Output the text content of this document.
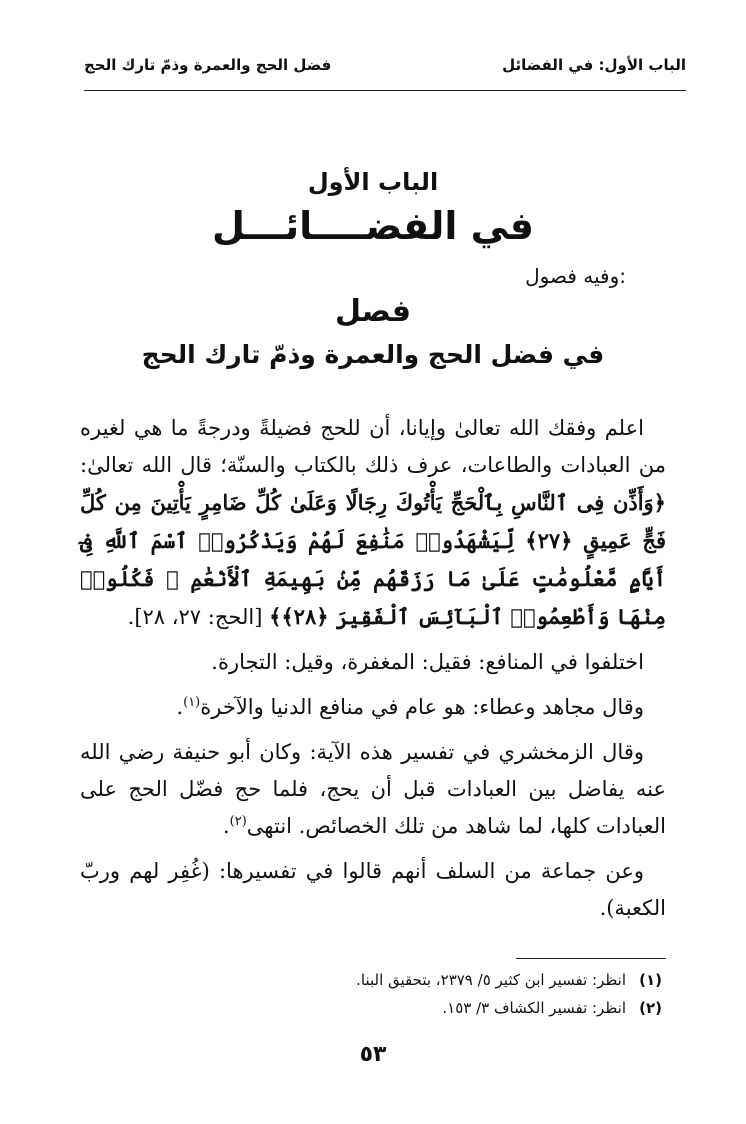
الباب الأول: في الفضائل
فضل الحج والعمرة وذمّ تارك الحج
الباب الأول
في الفضــــائـــل
وفيه فصول:
فصل
في فضل الحج والعمرة وذمّ تارك الحج

اعلم وفقك الله تعالىٰ وإيانا، أن للحج فضيلةً ودرجةً ما هي لغيره من العبادات والطاعات، عرف ذلك بالكتاب والسنّة؛ قال الله تعالىٰ: ﴿وَأَذِّن فِى ٱلنَّاسِ بِٱلْحَجِّ يَأْتُوكَ رِجَالًا وَعَلَىٰ كُلِّ ضَامِرٍ يَأْتِينَ مِن كُلِّ فَجٍّ عَمِيقٍ ﴿٢٧﴾ لِّيَشْهَدُوا۟ مَنَٰفِعَ لَهُمْ وَيَذْكُرُوا۟ ٱسْمَ ٱللَّهِ فِىٓ أَيَّامٍ مَّعْلُومَٰتٍ عَلَىٰ مَا رَزَقَهُم مِّنۢ بَهِيمَةِ ٱلْأَنْعَٰمِ ۖ فَكُلُوا۟ مِنْهَا وَأَطْعِمُوا۟ ٱلْبَآئِسَ ٱلْفَقِيرَ ﴿٢٨﴾﴾ [الحج: ٢٧، ٢٨].

اختلفوا في المنافع: فقيل: المغفرة، وقيل: التجارة.

وقال مجاهد وعطاء: هو عام في منافع الدنيا والآخرة$^{(١)}$.

وقال الزمخشري في تفسير هذه الآية: وكان أبو حنيفة رضي الله عنه يفاضل بين العبادات قبل أن يحج، فلما حج فضّل الحج على العبادات كلها، لما شاهد من تلك الخصائص. انتهى$^{(٢)}$.

وعن جماعة من السلف أنهم قالوا في تفسيرها: (غُفِر لهم وربّ الكعبة).

(١)
انظر: تفسير ابن كثير ٥/ ٢٣٧٩، بتحقيق البنا.
(٢)
انظر: تفسير الكشاف ٣/ ١٥٣.
٥٣
